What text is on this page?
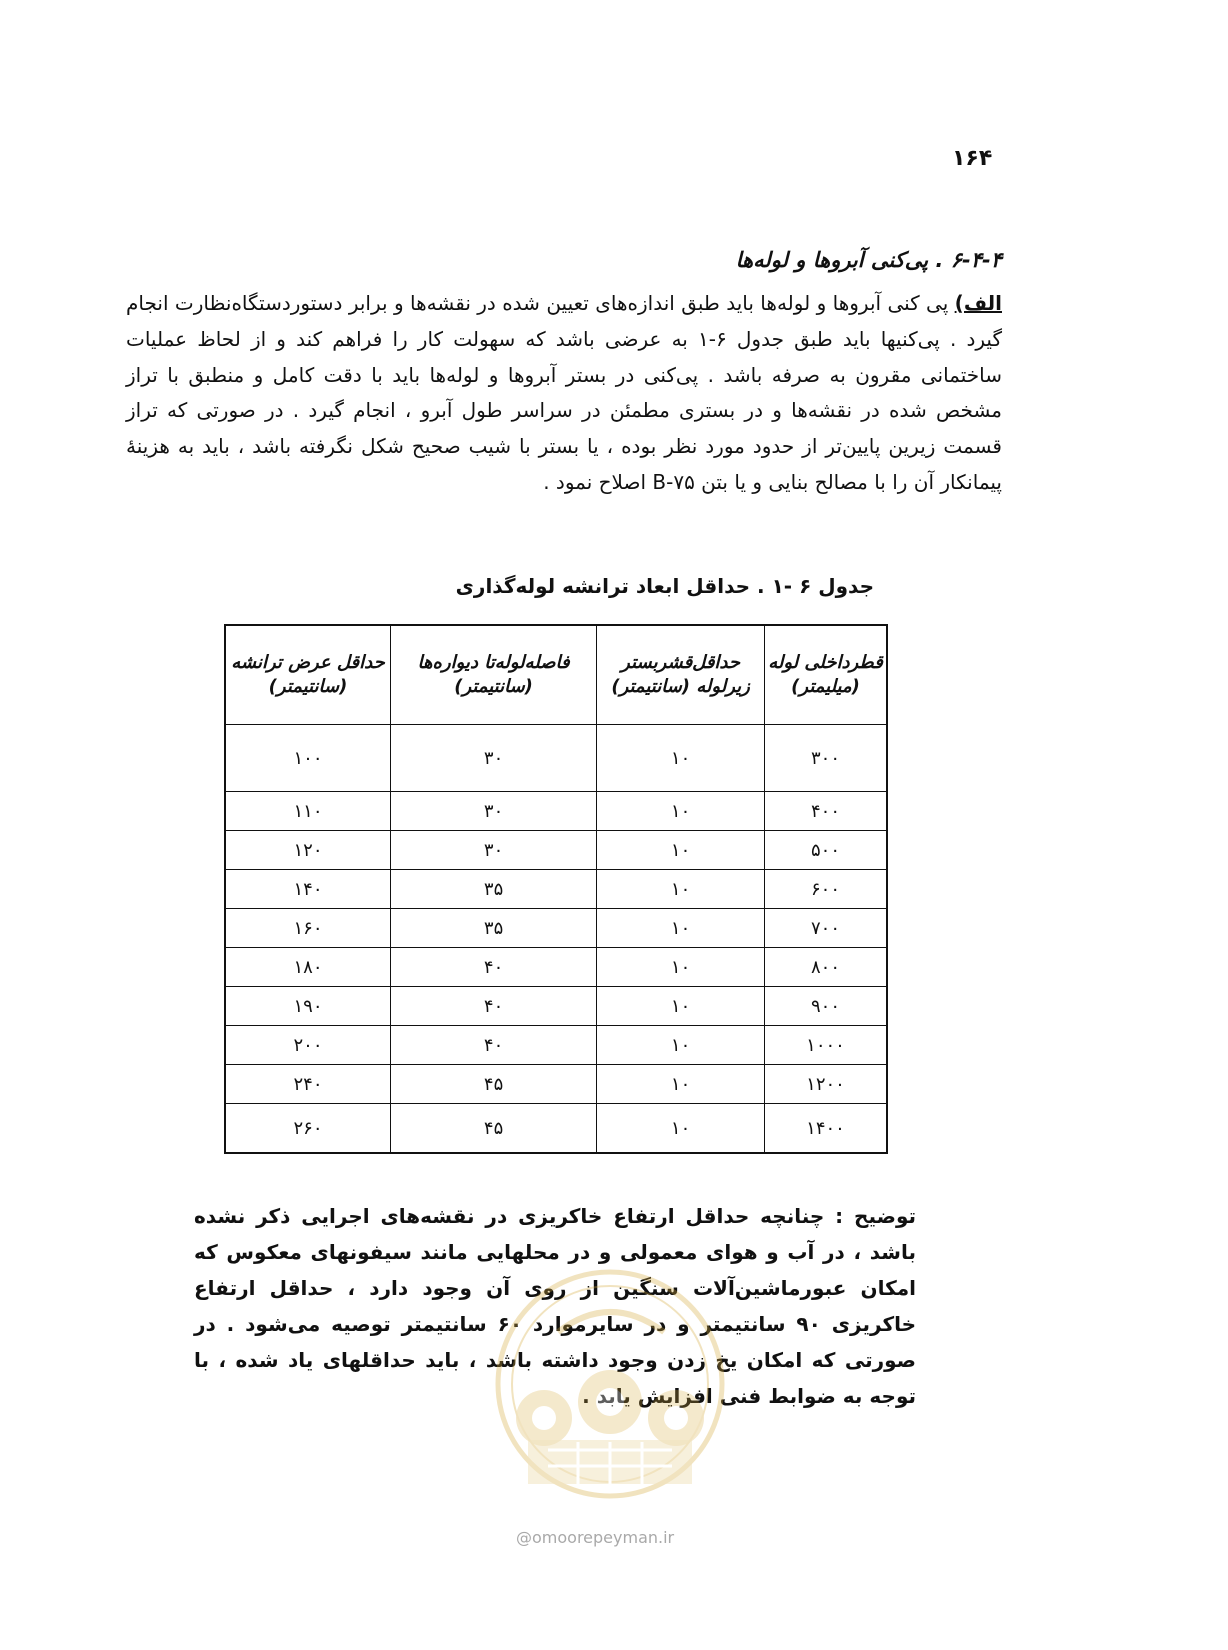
۱۶۴
۶-۴-۴ . پی‌کنی آبروها و لوله‌ها
الف) پی کنی آبروها و لوله‌ها باید طبق اندازه‌های تعیین شده در نقشه‌ها و برابر دستوردستگاه‌نظارت انجام گیرد . پی‌کنیها باید طبق جدول ۶-۱ به عرضی باشد که سهولت کار را فراهم کند و از لحاظ عملیات ساختمانی مقرون به صرفه باشد . پی‌کنی در بستر آبروها و لوله‌ها باید با دقت کامل و منطبق با تراز مشخص شده در نقشه‌ها و در بستری مطمئن در سراسر طول آبرو ، انجام گیرد . در صورتی که تراز قسمت زیرین پایین‌تر از حدود مورد نظر بوده ، یا بستر با شیب صحیح شکل نگرفته باشد ، باید به هزینهٔ پیمانکار آن را با مصالح بنایی و یا بتن B-۷۵ اصلاح نمود .
جدول ۶ -۱ . حداقل ابعاد ترانشه لوله‌گذاری
قطرداخلی لوله (میلیمتر)	حداقل‌قشربستر زیرلوله (سانتیمتر)	فاصله‌لوله‌تا دیواره‌ها (سانتیمتر)	حداقل عرض ترانشه (سانتیمتر)
۳۰۰	۱۰	۳۰	۱۰۰
۴۰۰	۱۰	۳۰	۱۱۰
۵۰۰	۱۰	۳۰	۱۲۰
۶۰۰	۱۰	۳۵	۱۴۰
۷۰۰	۱۰	۳۵	۱۶۰
۸۰۰	۱۰	۴۰	۱۸۰
۹۰۰	۱۰	۴۰	۱۹۰
۱۰۰۰	۱۰	۴۰	۲۰۰
۱۲۰۰	۱۰	۴۵	۲۴۰
۱۴۰۰	۱۰	۴۵	۲۶۰
توضیح : چنانچه حداقل ارتفاع خاکریزی در نقشه‌های اجرایی ذکر نشده باشد ، در آب و هوای معمولی و در محلهایی مانند سیفونهای معکوس که امکان عبورماشین‌آلات سنگین از روی آن وجود دارد ، حداقل ارتفاع خاکریزی ۹۰ سانتیمتر و در سایرموارد ۶۰ سانتیمتر توصیه می‌شود . در صورتی که امکان یخ زدن وجود داشته باشد ، باید حداقلهای یاد شده ، با توجه به ضوابط فنی افزایش یابد .
@omoorepeyman.ir
